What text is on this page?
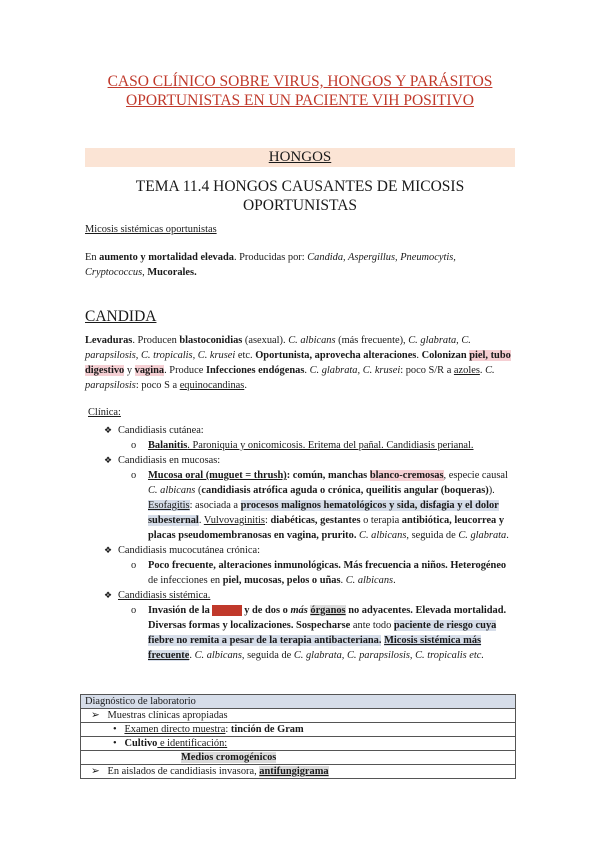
CASO CLÍNICO SOBRE VIRUS, HONGOS Y PARÁSITOS
OPORTUNISTAS EN UN PACIENTE VIH POSITIVO
HONGOS
TEMA 11.4 HONGOS CAUSANTES DE MICOSIS
OPORTUNISTAS
Micosis sistémicas oportunistas
En aumento y mortalidad elevada. Producidas por: Candida, Aspergillus, Pneumocytis, Cryptococcus, Mucorales.
CANDIDA
Levaduras. Producen blastoconidias (asexual). C. albicans (más frecuente), C. glabrata, C. parapsilosis, C. tropicalis, C. krusei etc. Oportunista, aprovecha alteraciones. Colonizan piel, tubo digestivo y vagina. Produce Infecciones endógenas. C. glabrata, C. krusei: poco S/R a azoles. C. parapsilosis: poco S a equinocandinas.
Clínica:
❖ Candidiasis cutánea:
o Balanitis. Paroniquia y onicomicosis. Eritema del pañal. Candidiasis perianal.
❖ Candidiasis en mucosas:
o Mucosa oral (muguet = thrush): común, manchas blanco-cremosas, especie causal C. albicans (candidiasis atrófica aguda o crónica, queilitis angular (boqueras)). Esofagitis: asociada a procesos malignos hematológicos y sida, disfagia y el dolor subesternal. Vulvovaginitis: diabéticas, gestantes o terapia antibiótica, leucorrea y placas pseudomembranosas en vagina, prurito. C. albicans, seguida de C. glabrata.
❖ Candidiasis mucocutánea crónica:
o Poco frecuente, alteraciones inmunológicas. Más frecuencia a niños. Heterogéneo de infecciones en piel, mucosas, pelos o uñas. C. albicans.
❖ Candidiasis sistémica.
o Invasión de la sangre y de dos o más órganos no adyacentes. Elevada mortalidad. Diversas formas y localizaciones. Sospecharse ante todo paciente de riesgo cuya fiebre no remita a pesar de la terapia antibacteriana. Micosis sistémica más frecuente. C. albicans, seguida de C. glabrata, C. parapsilosis, C. tropicalis etc.
Diagnóstico de laboratorio
➢ Muestras clínicas apropiadas
• Examen directo muestra: tinción de Gram
• Cultivo e identificación:
Medios cromogénicos
➢ En aislados de candidiasis invasora, antifungigrama
